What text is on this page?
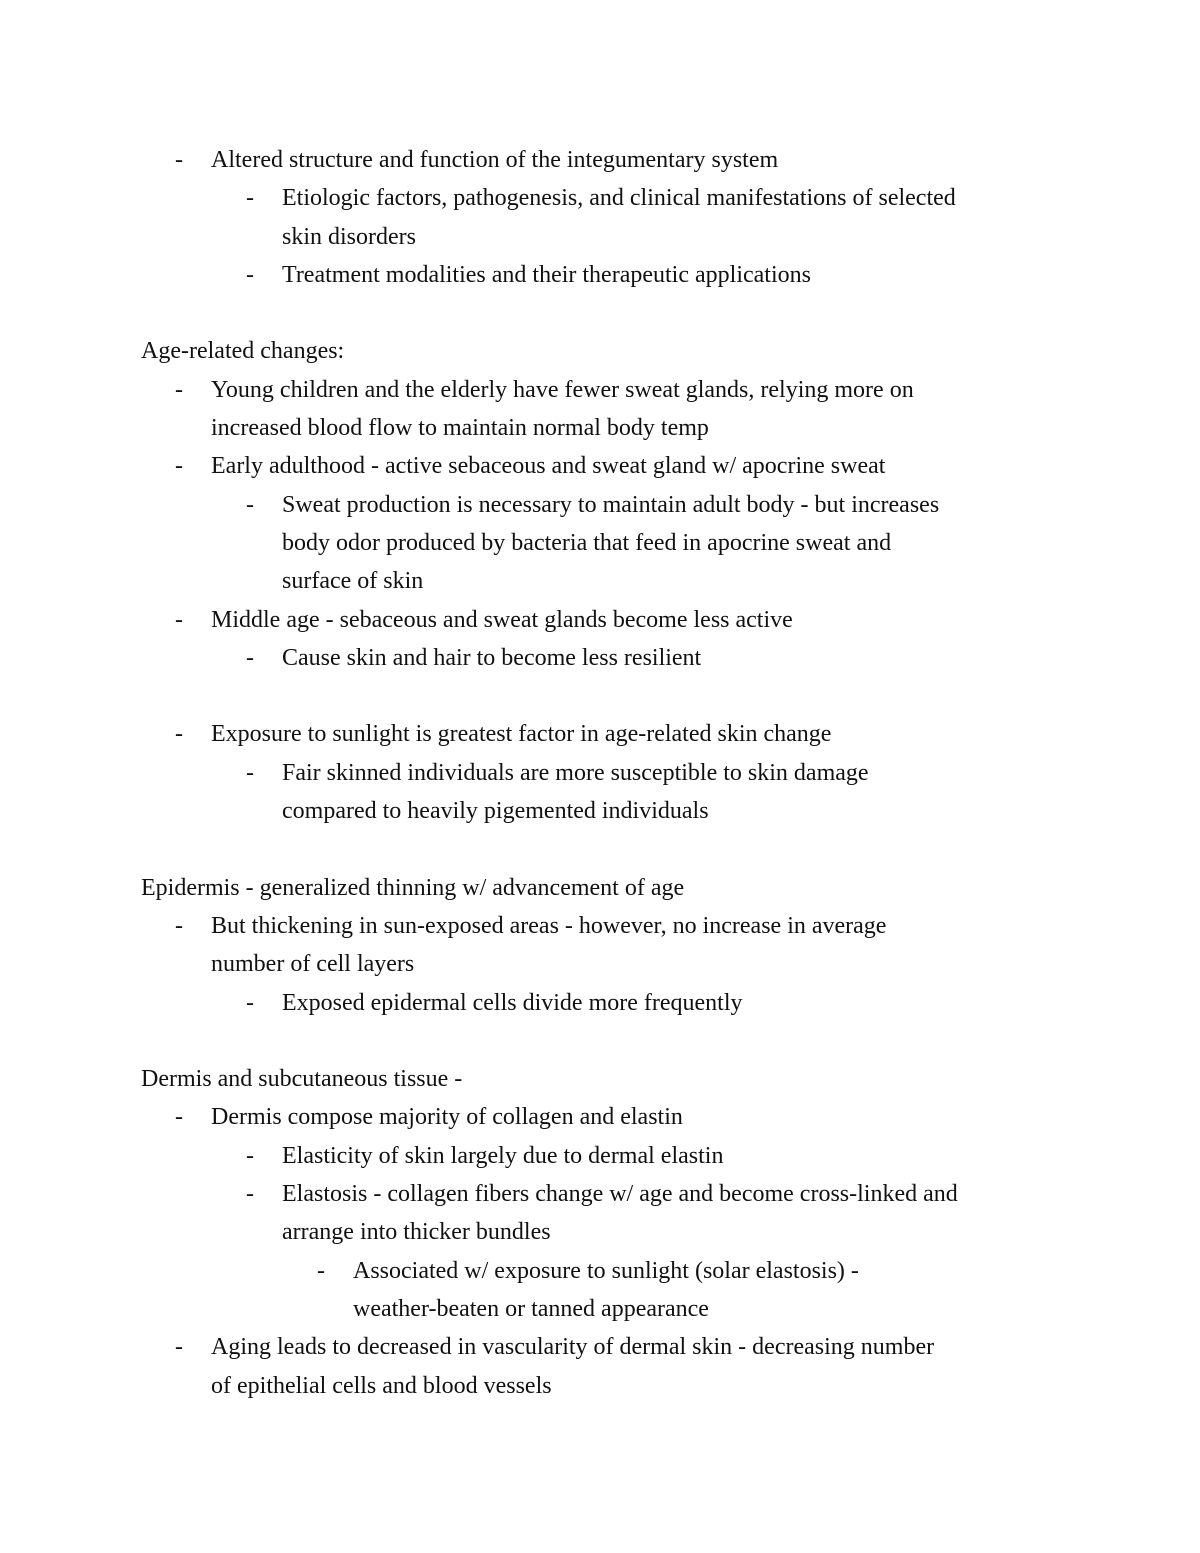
- Altered structure and function of the integumentary system
- Etiologic factors, pathogenesis, and clinical manifestations of selected
skin disorders
- Treatment modalities and their therapeutic applications
Age-related changes:
- Young children and the elderly have fewer sweat glands, relying more on
increased blood flow to maintain normal body temp
- Early adulthood - active sebaceous and sweat gland w/ apocrine sweat
- Sweat production is necessary to maintain adult body - but increases
body odor produced by bacteria that feed in apocrine sweat and
surface of skin
- Middle age - sebaceous and sweat glands become less active
- Cause skin and hair to become less resilient
- Exposure to sunlight is greatest factor in age-related skin change
- Fair skinned individuals are more susceptible to skin damage
compared to heavily pigemented individuals
Epidermis - generalized thinning w/ advancement of age
- But thickening in sun-exposed areas - however, no increase in average
number of cell layers
- Exposed epidermal cells divide more frequently
Dermis and subcutaneous tissue -
- Dermis compose majority of collagen and elastin
- Elasticity of skin largely due to dermal elastin
- Elastosis - collagen fibers change w/ age and become cross-linked and
arrange into thicker bundles
- Associated w/ exposure to sunlight (solar elastosis) -
weather-beaten or tanned appearance
- Aging leads to decreased in vascularity of dermal skin - decreasing number
of epithelial cells and blood vessels
